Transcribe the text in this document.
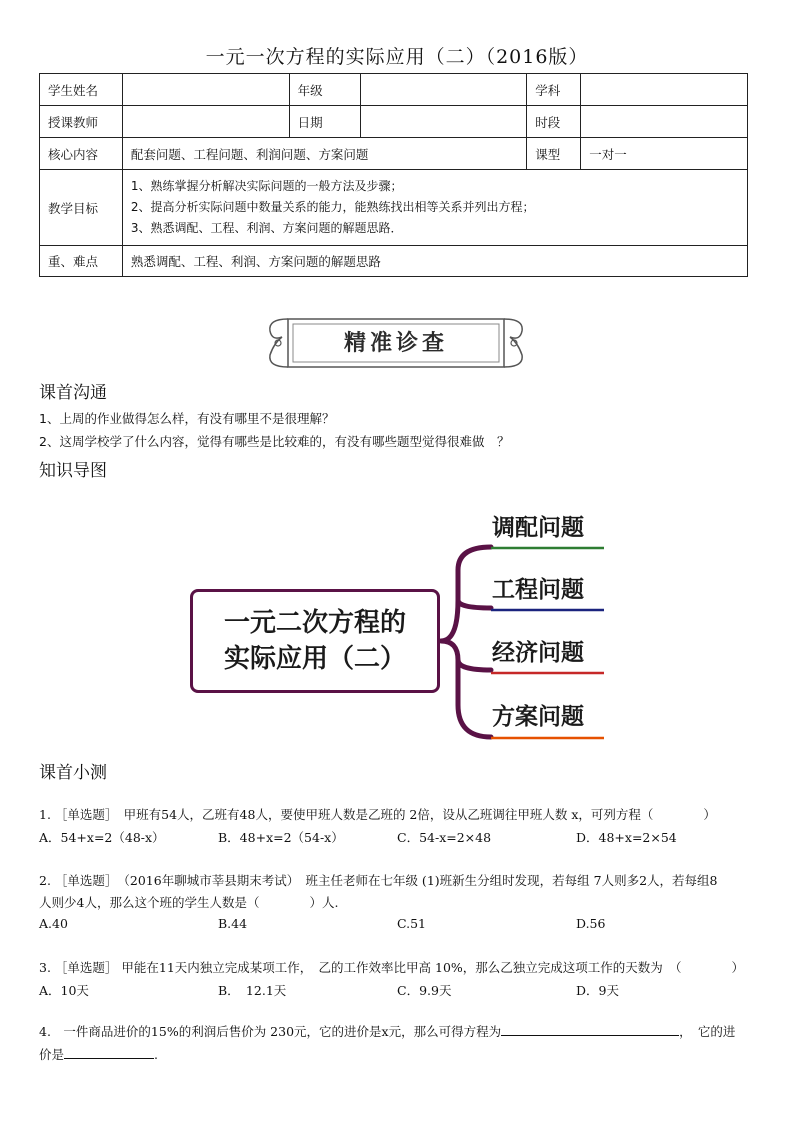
一元一次方程的实际应用（二）（2016版）
学生姓名		年级		学科	
授课教师		日期		时段	
核心内容	配套问题、工程问题、利润问题、方案问题			课型	一对一
教学目标	1、熟练掌握分析解决实际问题的一般方法及步骤；
2、提高分析实际问题中数量关系的能力，能熟练找出相等关系并列出方程；
3、熟悉调配、工程、利润、方案问题的解题思路．				

重、难点	熟悉调配、工程、利润、方案问题的解题思路				
精准诊查
课首沟通
1、上周的作业做得怎么样，有没有哪里不是很理解？
2、这周学校学了什么内容，觉得有哪些是比较难的，有没有哪些题型觉得很难做　？
知识导图
一元二次方程的
实际应用（二）
调配问题
工程问题
经济问题
方案问题
课首小测
1. ［单选题］　甲班有54人，乙班有48人，要使甲班人数是乙班的 2倍，设从乙班调往甲班人数 x，可列方程（　　　　）
A．54+x=2（48-x）	B．48+x=2（54-x）	C．54-x=2×48	D．48+x=2×54
2. ［单选题］　（2016年聊城市莘县期末考试）　班主任老师在七年级 (1)班新生分组时发现，若每组 7人则多2人，若每组8
人则少4人，那么这个班的学生人数是（　　　　）人.
A.40	B.44	C.51	D.56
3. ［单选题］ 甲能在11天内独立完成某项工作，　乙的工作效率比甲高 10%，那么乙独立完成这项工作的天数为　（　　　　）
A．10天	B．　12.1天	C．9.9天	D．9天
4.　一件商品进价的15%的利润后售价为 230元，它的进价是x元，那么可得方程为	，　它的进
价是	.
